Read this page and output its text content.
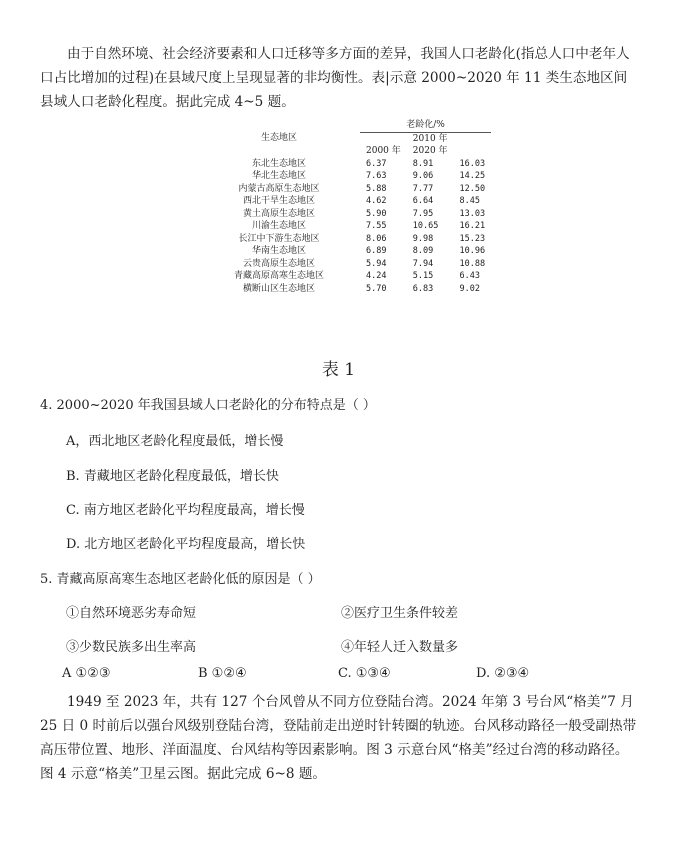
由于自然环境、社会经济要素和人口迁移等多方面的差异，我国人口老龄化(指总人口中老年人口占比增加的过程)在县域尺度上呈现显著的非均衡性。表|示意 2000~2020 年 11 类生态地区间县域人口老龄化程度。据此完成 4~5 题。

生态地区	老龄化/%		
	2000 年	2010 年
2020 年	
东北生态地区	6.37	8.91	16.03
华北生态地区	7.63	9.06	14.25
内蒙古高原生态地区	5.88	7.77	12.50
西北干旱生态地区	4.62	6.64	8.45
黄土高原生态地区	5.90	7.95	13.03
川渝生态地区	7.55	10.65	16.21
长江中下游生态地区	8.06	9.98	15.23
华南生态地区	6.89	8.09	10.96
云贵高原生态地区	5.94	7.94	10.88
青藏高原高寒生态地区	4.24	5.15	6.43
横断山区生态地区	5.70	6.83	9.02
表 1

4. 2000~2020 年我国县域人口老龄化的分布特点是（ ）

A，西北地区老龄化程度最低，增长慢

B. 青藏地区老龄化程度最低，增长快

C. 南方地区老龄化平均程度最高，增长慢

D. 北方地区老龄化平均程度最高，增长快

5. 青藏高原高寒生态地区老龄化低的原因是（ ）

①自然环境恶劣寿命短	②医疗卫生条件较差

③少数民族多出生率高	④年轻人迁入数量多

A ①②③	B ①②④	C. ①③④	D. ②③④

1949 至 2023 年，共有 127 个台风曾从不同方位登陆台湾。2024 年第 3 号台风“格美”7 月 25 日 0 时前后以强台风级别登陆台湾，登陆前走出逆时针转圈的轨迹。台风移动路径一般受副热带高压带位置、地形、洋面温度、台风结构等因素影响。图 3 示意台风“格美”经过台湾的移动路径。图 4 示意“格美”卫星云图。据此完成 6~8 题。
